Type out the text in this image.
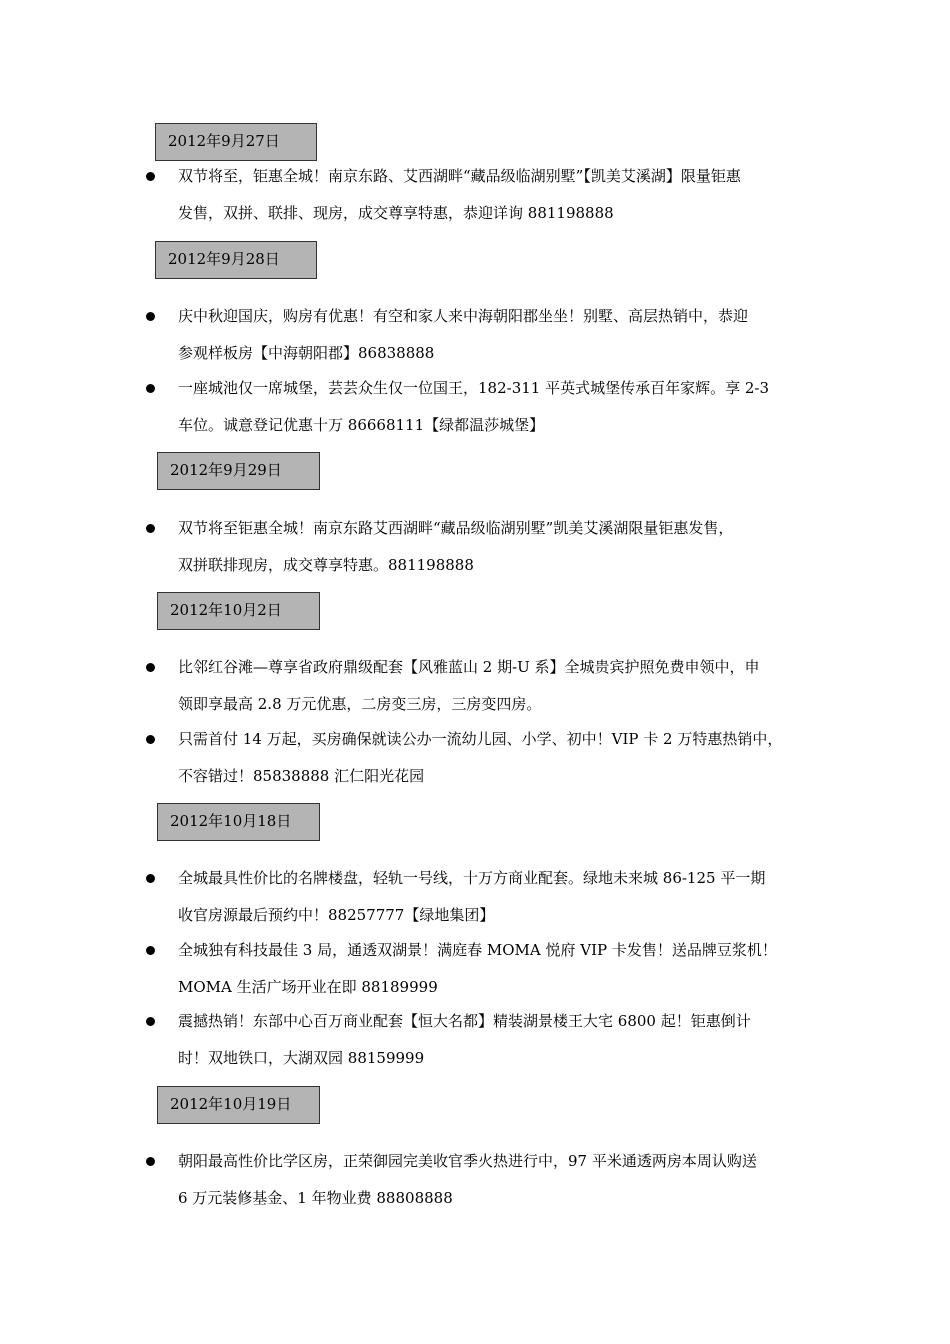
2012年9月27日
双节将至，钜惠全城！南京东路、艾西湖畔“藏品级临湖别墅”【凯美艾溪湖】限量钜惠
发售，双拼、联排、现房，成交尊享特惠，恭迎详询 881198888
2012年9月28日
庆中秋迎国庆，购房有优惠！有空和家人来中海朝阳郡坐坐！别墅、高层热销中，恭迎
参观样板房【中海朝阳郡】86838888
一座城池仅一席城堡，芸芸众生仅一位国王，182-311 平英式城堡传承百年家辉。享 2-3
车位。诚意登记优惠十万 86668111【绿都温莎城堡】
2012年9月29日
双节将至钜惠全城！南京东路艾西湖畔“藏品级临湖别墅”凯美艾溪湖限量钜惠发售，
双拼联排现房，成交尊享特惠。881198888
2012年10月2日
比邻红谷滩—尊享省政府鼎级配套【风雅蓝山 2 期-U 系】全城贵宾护照免费申领中，申
领即享最高 2.8 万元优惠，二房变三房，三房变四房。
只需首付 14 万起，买房确保就读公办一流幼儿园、小学、初中！VIP 卡 2 万特惠热销中，
不容错过！85838888 汇仁阳光花园
2012年10月18日
全城最具性价比的名牌楼盘，轻轨一号线，十万方商业配套。绿地未来城 86-125 平一期
收官房源最后预约中！88257777【绿地集团】
全城独有科技最佳 3 局，通透双湖景！满庭春 MOMA 悦府 VIP 卡发售！送品牌豆浆机！
MOMA 生活广场开业在即 88189999
震撼热销！东部中心百万商业配套【恒大名都】精装湖景楼王大宅 6800 起！钜惠倒计
时！双地铁口，大湖双园 88159999
2012年10月19日
朝阳最高性价比学区房，正荣御园完美收官季火热进行中，97 平米通透两房本周认购送
6 万元装修基金、1 年物业费 88808888
